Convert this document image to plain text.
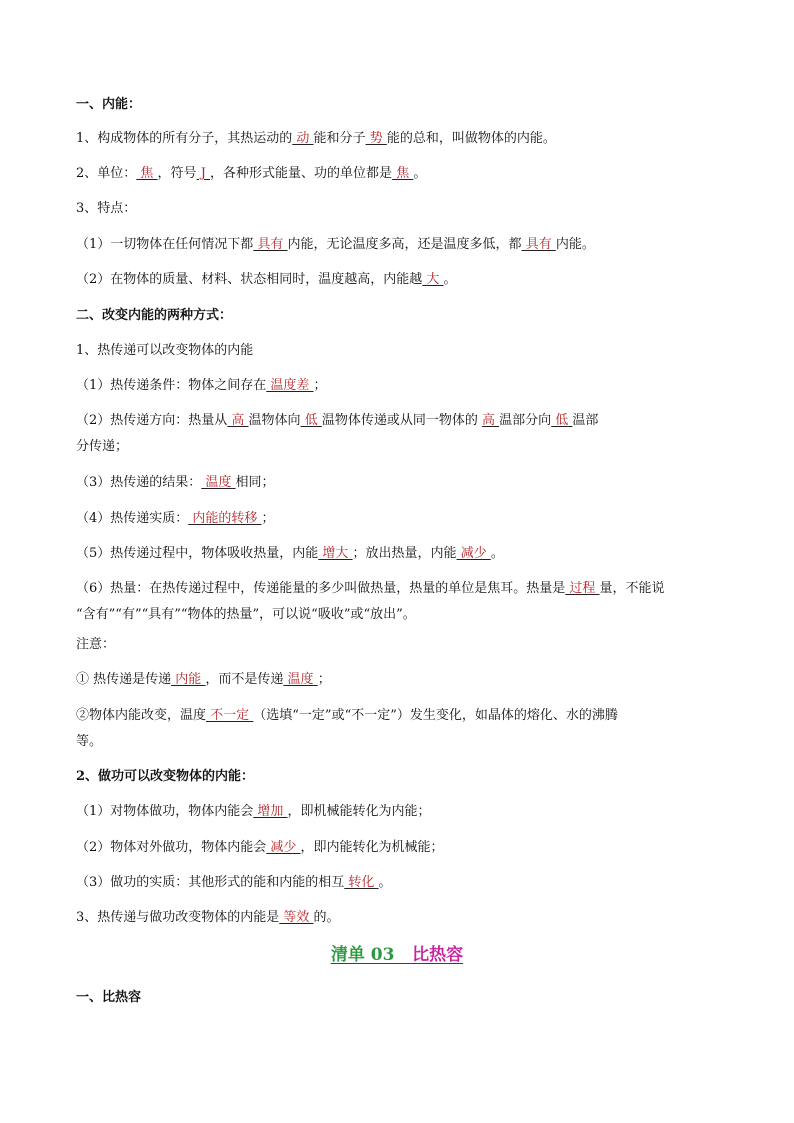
一、内能：
1、构成物体的所有分子，其热运动的 动 能和分子 势 能的总和，叫做物体的内能。
2、单位： 焦 ，符号 J ，各种形式能量、功的单位都是 焦 。
3、特点：
（1）一切物体在任何情况下都 具有 内能，无论温度多高，还是温度多低，都 具有 内能。
（2）在物体的质量、材料、状态相同时，温度越高，内能越 大 。
二、改变内能的两种方式：
1、热传递可以改变物体的内能
（1）热传递条件：物体之间存在 温度差 ；
（2）热传递方向：热量从 高 温物体向 低 温物体传递或从同一物体的 高 温部分向 低 温部
分传递；
（3）热传递的结果： 温度 相同；
（4）热传递实质： 内能的转移 ；
（5）热传递过程中，物体吸收热量，内能 增大 ；放出热量，内能 减少 。
（6）热量：在热传递过程中，传递能量的多少叫做热量，热量的单位是焦耳。热量是 过程 量，不能说
“含有”“有”“具有”“物体的热量”，可以说“吸收”或“放出”。
注意：
① 热传递是传递 内能 ，而不是传递 温度 ；
②物体内能改变，温度 不一定 （选填“一定”或“不一定”）发生变化，如晶体的熔化、水的沸腾
等。
2、做功可以改变物体的内能：
（1）对物体做功，物体内能会 增加 ，即机械能转化为内能；
（2）物体对外做功，物体内能会 减少 ，即内能转化为机械能；
（3）做功的实质：其他形式的能和内能的相互 转化 。
3、热传递与做功改变物体的内能是 等效 的。
清单 03 比热容
一、比热容
